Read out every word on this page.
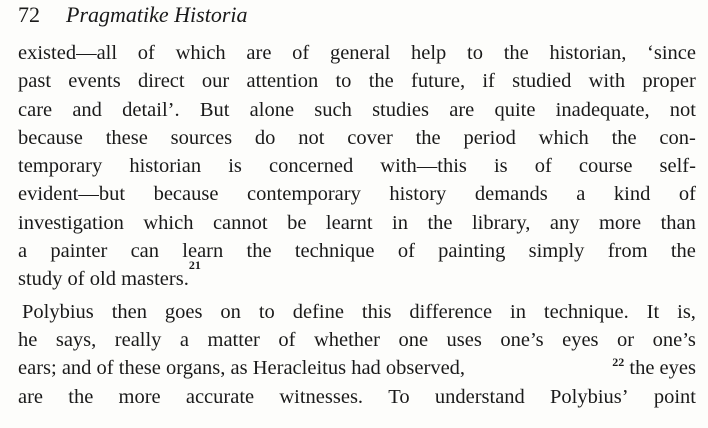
72 Pragmatike Historia
existed—all of which are of general help to the historian, ‘since
past events direct our attention to the future, if studied with proper
care and detail’. But alone such studies are quite inadequate, not
because these sources do not cover the period which the con-
temporary historian is concerned with—this is of course self-
evident—but because contemporary history demands a kind of
investigation which cannot be learnt in the library, any more than
a painter can learn the technique of painting simply from the
study of old masters.
21
Polybius then goes on to define this difference in technique. It is,
he says, really a matter of whether one uses one’s eyes or one’s
ears; and of these organs, as Heracleitus had observed,	$^{22}$ the eyes
are the more accurate witnesses. To understand Polybius’ point
